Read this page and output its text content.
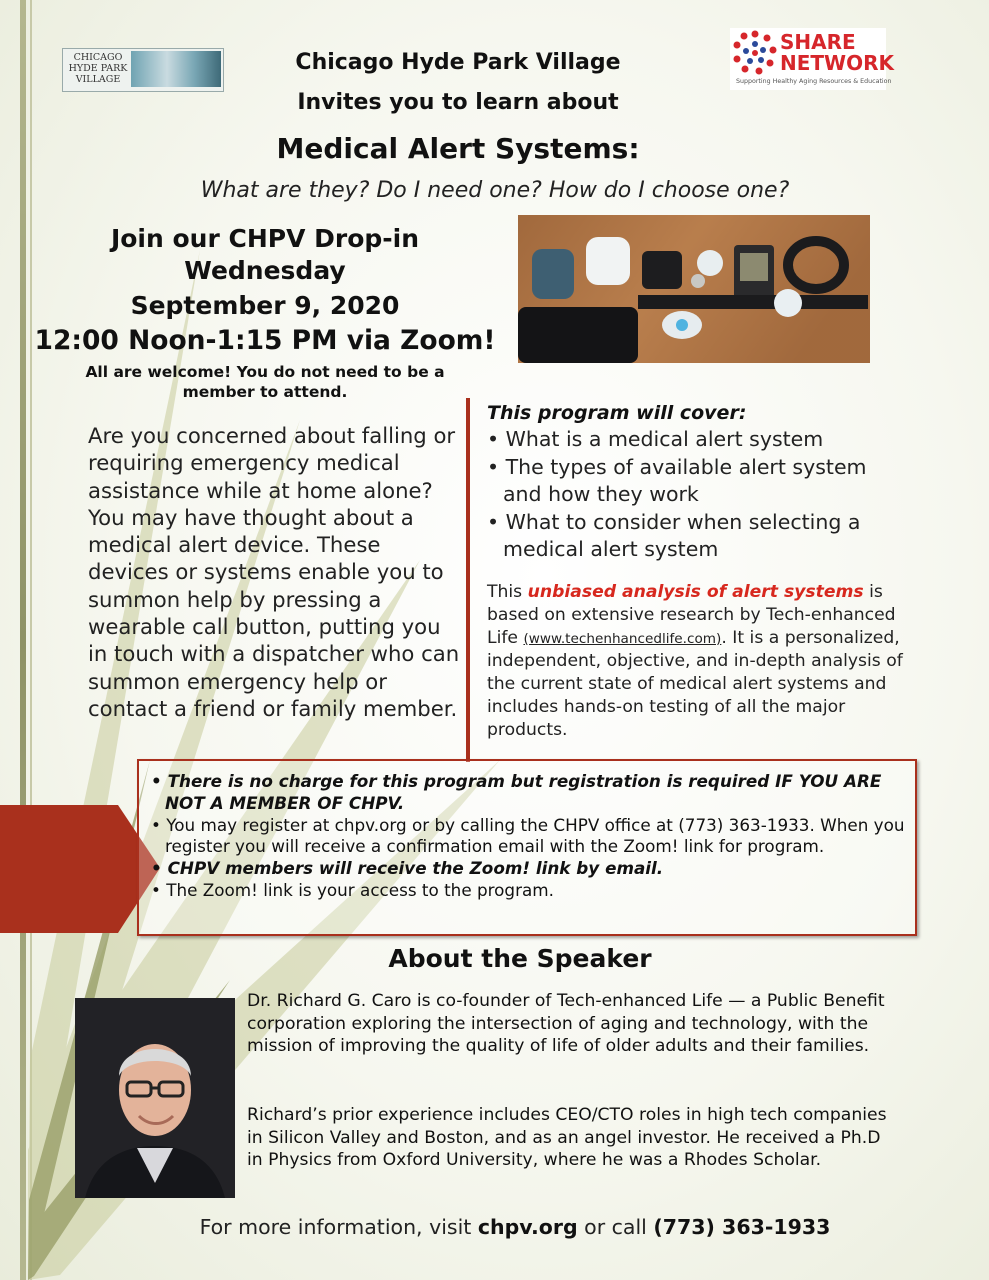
CHICAGO HYDE PARK VILLAGE
SHARE
NETWORK
Supporting Healthy Aging Resources & Education
Chicago Hyde Park Village
Invites you to learn about
Medical Alert Systems:
What are they? Do I need one? How do I choose one?
Join our CHPV Drop-in
Wednesday
September 9, 2020
12:00 Noon-1:15 PM via Zoom!
All are welcome! You do not need to be a member to attend.
Are you concerned about falling or requiring emergency medical assistance while at home alone? You may have thought about a medical alert device. These devices or systems enable you to summon help by pressing a wearable call button, putting you in touch with a dispatcher who can summon emergency help or contact a friend or family member.
This program will cover:
• What is a medical alert system
• The types of available alert system and how they work
• What to consider when selecting a medical alert system
This unbiased analysis of alert systems is based on extensive research by Tech-enhanced Life (www.techenhancedlife.com). It is a personalized, independent, objective, and in-depth analysis of the current state of medical alert systems and includes hands-on testing of all the major products.
• There is no charge for this program but registration is required IF YOU ARE NOT A MEMBER OF CHPV.
• You may register at chpv.org or by calling the CHPV office at (773) 363-1933. When you register you will receive a confirmation email with the Zoom! link for program.
• CHPV members will receive the Zoom! link by email.
• The Zoom! link is your access to the program.
About the Speaker
Dr. Richard G. Caro is co-founder of Tech-enhanced Life — a Public Benefit corporation exploring the intersection of aging and technology, with the mission of improving the quality of life of older adults and their families.
Richard’s prior experience includes CEO/CTO roles in high tech companies in Silicon Valley and Boston, and as an angel investor. He received a Ph.D in Physics from Oxford University, where he was a Rhodes Scholar.
For more information, visit chpv.org or call (773) 363-1933
